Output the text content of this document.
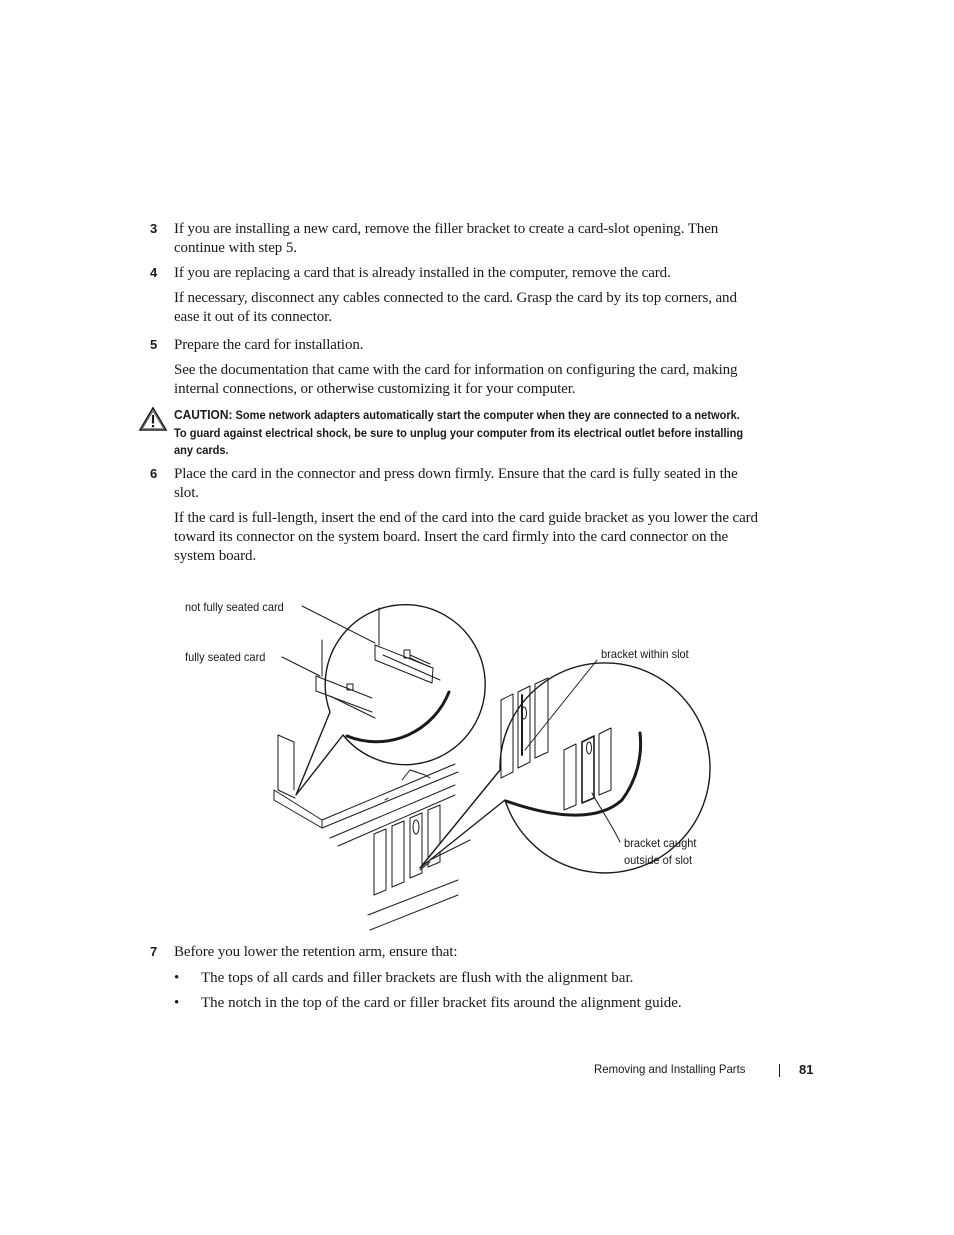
3 If you are installing a new card, remove the filler bracket to create a card-slot opening. Then continue with step 5.
4 If you are replacing a card that is already installed in the computer, remove the card.
If necessary, disconnect any cables connected to the card. Grasp the card by its top corners, and ease it out of its connector.
5 Prepare the card for installation.
See the documentation that came with the card for information on configuring the card, making internal connections, or otherwise customizing it for your computer.
CAUTION: Some network adapters automatically start the computer when they are connected to a network. To guard against electrical shock, be sure to unplug your computer from its electrical outlet before installing any cards.
6 Place the card in the connector and press down firmly. Ensure that the card is fully seated in the slot.
If the card is full-length, insert the end of the card into the card guide bracket as you lower the card toward its connector on the system board. Insert the card firmly into the card connector on the system board.
not fully seated card
fully seated card	bracket within slot
bracket caught
outside of slot
7 Before you lower the retention arm, ensure that:
• The tops of all cards and filler brackets are flush with the alignment bar.
• The notch in the top of the card or filler bracket fits around the alignment guide.
Removing and Installing Parts	81
